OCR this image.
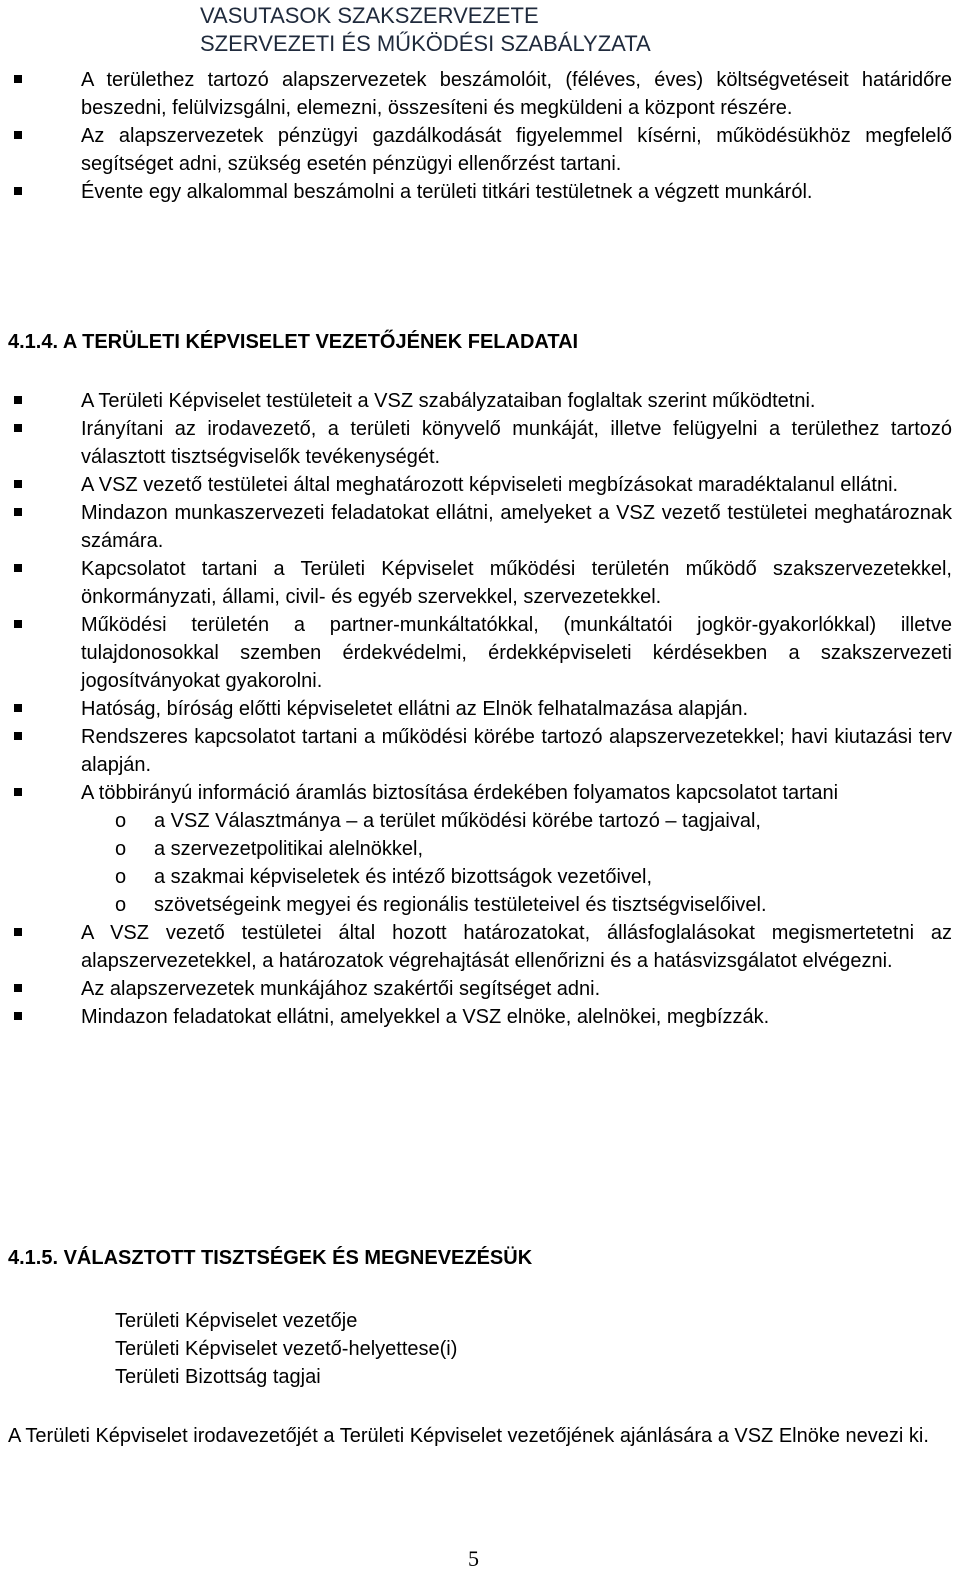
VASUTASOK SZAKSZERVEZETE
SZERVEZETI ÉS MŰKÖDÉSI SZABÁLYZATA
A területhez tartozó alapszervezetek beszámolóit, (féléves, éves) költségvetéseit határidőre beszedni, felülvizsgálni, elemezni, összesíteni és megküldeni a központ részére.
Az alapszervezetek pénzügyi gazdálkodását figyelemmel kísérni, működésükhöz megfelelő segítséget adni, szükség esetén pénzügyi ellenőrzést tartani.
Évente egy alkalommal beszámolni a területi titkári testületnek a végzett munkáról.
4.1.4. A TERÜLETI KÉPVISELET VEZETŐJÉNEK FELADATAI
A Területi Képviselet testületeit a VSZ szabályzataiban foglaltak szerint működtetni.
Irányítani az irodavezető, a területi könyvelő munkáját, illetve felügyelni a területhez tartozó választott tisztségviselők tevékenységét.
A VSZ vezető testületei által meghatározott képviseleti megbízásokat maradéktalanul ellátni.
Mindazon munkaszervezeti feladatokat ellátni, amelyeket a VSZ vezető testületei meghatároznak számára.
Kapcsolatot tartani a Területi Képviselet működési területén működő szakszervezetekkel, önkormányzati, állami, civil- és egyéb szervekkel, szervezetekkel.
Működési területén a partner-munkáltatókkal, (munkáltatói jogkör-gyakorlókkal) illetve tulajdonosokkal szemben érdekvédelmi, érdekképviseleti kérdésekben a szakszervezeti jogosítványokat gyakorolni.
Hatóság, bíróság előtti képviseletet ellátni az Elnök felhatalmazása alapján.
Rendszeres kapcsolatot tartani a működési körébe tartozó alapszervezetekkel; havi kiutazási terv alapján.
A többirányú információ áramlás biztosítása érdekében folyamatos kapcsolatot tartani
o a VSZ Választmánya – a terület működési körébe tartozó – tagjaival,
o a szervezetpolitikai alelnökkel,
o a szakmai képviseletek és intéző bizottságok vezetőivel,
o szövetségeink megyei és regionális testületeivel és tisztségviselőivel.
A VSZ vezető testületei által hozott határozatokat, állásfoglalásokat megismertetetni az alapszervezetekkel, a határozatok végrehajtását ellenőrizni és a hatásvizsgálatot elvégezni.
Az alapszervezetek munkájához szakértői segítséget adni.
Mindazon feladatokat ellátni, amelyekkel a VSZ elnöke, alelnökei, megbízzák.
4.1.5. VÁLASZTOTT TISZTSÉGEK ÉS MEGNEVEZÉSÜK
Területi Képviselet vezetője
Területi Képviselet vezető-helyettese(i)
Területi Bizottság tagjai
A Területi Képviselet irodavezetőjét a Területi Képviselet vezetőjének ajánlására a VSZ Elnöke nevezi ki.
5
